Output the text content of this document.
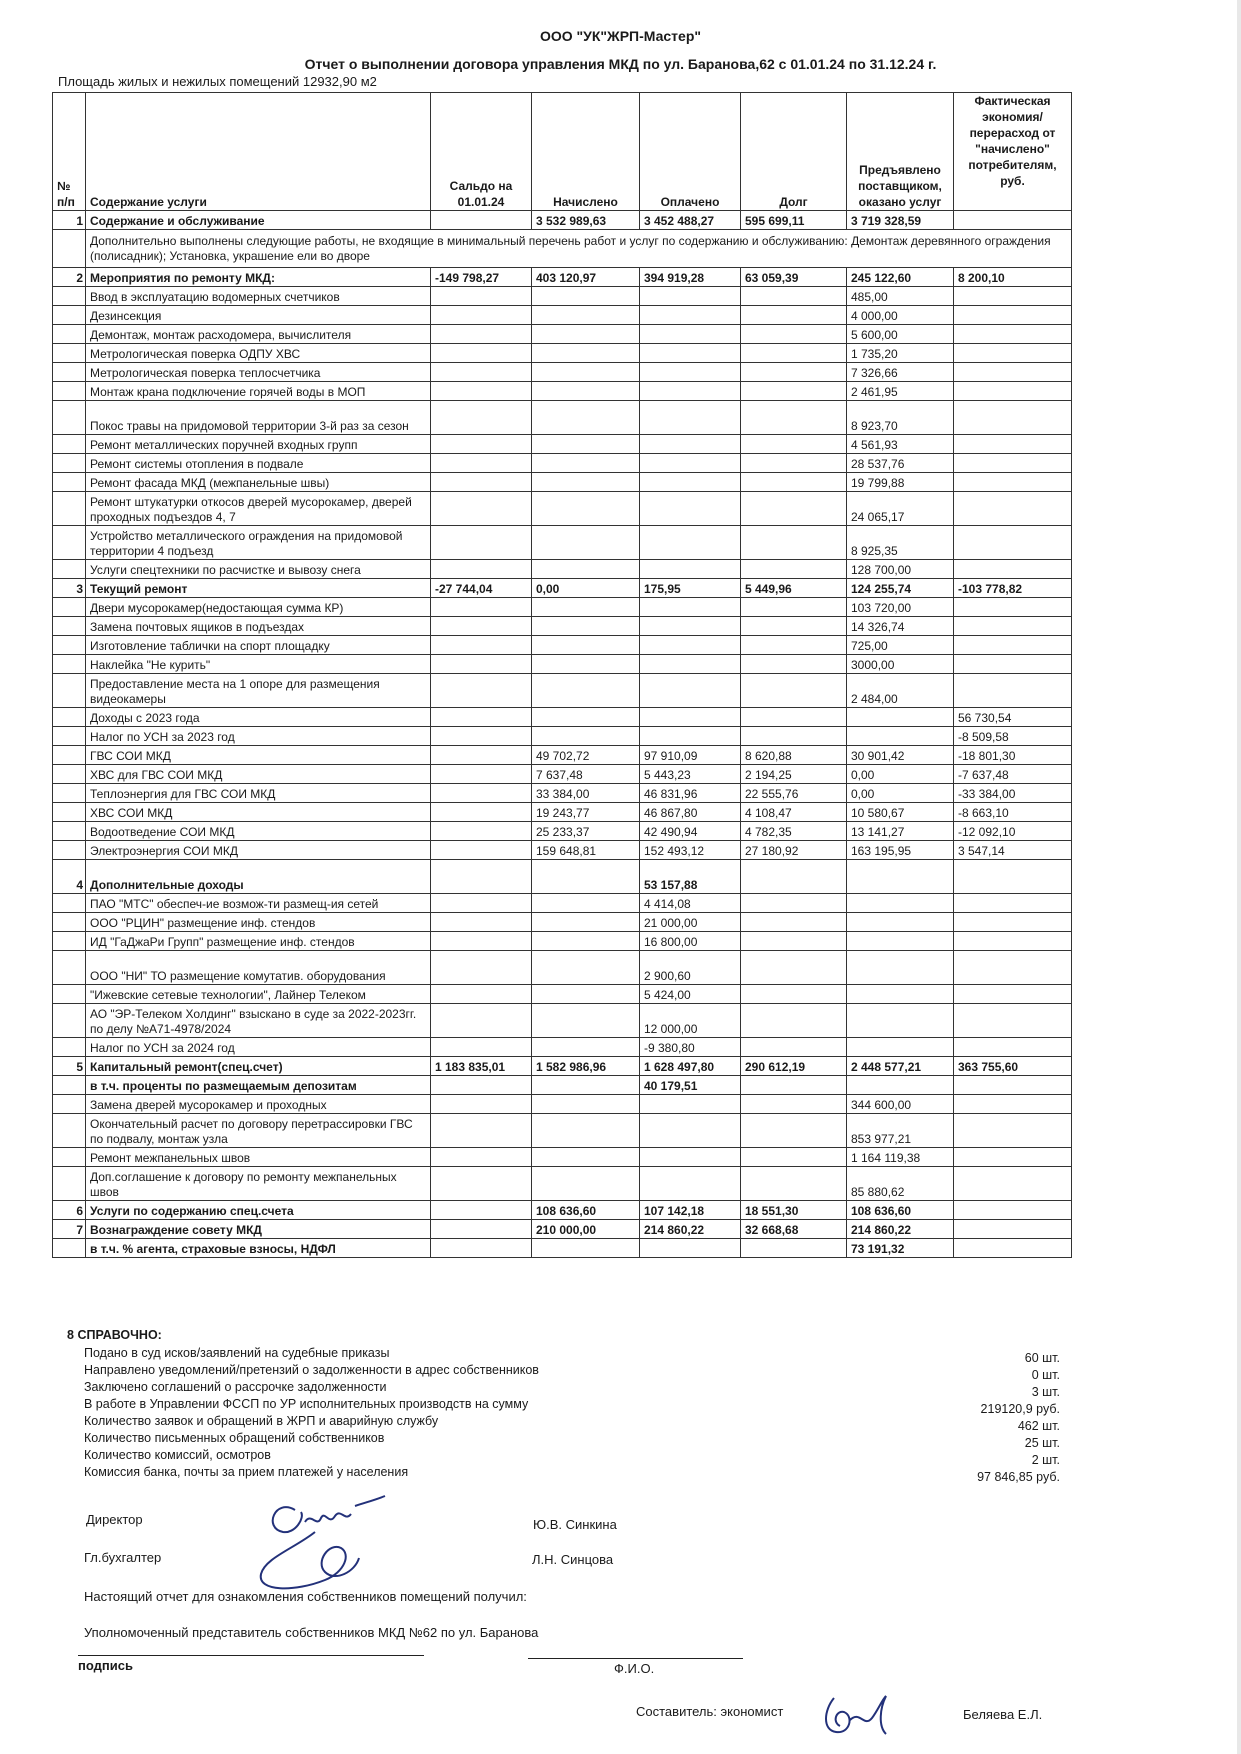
ООО "УК"ЖРП-Мастер"
Отчет о выполнении договора управления МКД по ул. Баранова,62 с 01.01.24 по 31.12.24 г.
Площадь жилых и нежилых помещений 12932,90 м2
№ п/п	Содержание услуги	Сальдо на 01.01.24	Начислено	Оплачено	Долг	Предъявлено поставщиком, оказано услуг	Фактическая экономия/перерасход от "начислено" потребителям, руб.
1	Содержание и обслуживание		3 532 989,63	3 452 488,27	595 699,11	3 719 328,59	
	Дополнительно выполнены следующие работы, не входящие в минимальный перечень работ и услуг по содержанию и обслуживанию: Демонтаж деревянного ограждения (полисадник); Установка, украшение ели во дворе						
2	Мероприятия по ремонту МКД:	-149 798,27	403 120,97	394 919,28	63 059,39	245 122,60	8 200,10
	Ввод в эксплуатацию водомерных счетчиков					485,00	
	Дезинсекция					4 000,00	
	Демонтаж, монтаж расходомера, вычислителя					5 600,00	
	Метрологическая поверка ОДПУ ХВС					1 735,20	
	Метрологическая поверка теплосчетчика					7 326,66	
	Монтаж крана подключение горячей воды в МОП					2 461,95	
	Покос травы на придомовой территории 3-й раз за сезон					8 923,70	
	Ремонт металлических поручней входных групп					4 561,93	
	Ремонт системы отопления в подвале					28 537,76	
	Ремонт фасада МКД (межпанельные швы)					19 799,88	
	Ремонт штукатурки откосов дверей мусорокамер, дверей проходных подъездов 4, 7					24 065,17	
	Устройство металлического ограждения на придомовой территории 4 подъезд					8 925,35	
	Услуги спецтехники по расчистке и вывозу снега					128 700,00	
3	Текущий ремонт	-27 744,04	0,00	175,95	5 449,96	124 255,74	-103 778,82
	Двери мусорокамер(недостающая сумма КР)					103 720,00	
	Замена почтовых ящиков в подъездах					14 326,74	
	Изготовление таблички на спорт площадку					725,00	
	Наклейка "Не курить"					3000,00	
	Предоставление места на 1 опоре для размещения видеокамеры					2 484,00	
	Доходы с 2023 года						56 730,54
	Налог по УСН за 2023 год						-8 509,58
	ГВС СОИ МКД		49 702,72	97 910,09	8 620,88	30 901,42	-18 801,30
	ХВС для ГВС СОИ МКД		7 637,48	5 443,23	2 194,25	0,00	-7 637,48
	Теплоэнергия для ГВС СОИ МКД		33 384,00	46 831,96	22 555,76	0,00	-33 384,00
	ХВС СОИ МКД		19 243,77	46 867,80	4 108,47	10 580,67	-8 663,10
	Водоотведение СОИ МКД		25 233,37	42 490,94	4 782,35	13 141,27	-12 092,10
	Электроэнергия СОИ МКД		159 648,81	152 493,12	27 180,92	163 195,95	3 547,14
4	Дополнительные доходы			53 157,88			
	ПАО "МТС" обеспеч-ие возмож-ти размещ-ия сетей			4 414,08			
	ООО "РЦИН" размещение инф. стендов			21 000,00			
	ИД "ГаДжаРи Групп" размещение инф. стендов			16 800,00			
	ООО "НИ" ТО размещение комутатив. оборудования			2 900,60			
	"Ижевские сетевые технологии", Лайнер Телеком			5 424,00			
	АО "ЭР-Телеком Холдинг" взыскано в суде за 2022-2023гг. по делу №А71-4978/2024			12 000,00			
	Налог по УСН за 2024 год			-9 380,80			
5	Капитальный ремонт(спец.счет)	1 183 835,01	1 582 986,96	1 628 497,80	290 612,19	2 448 577,21	363 755,60
	в т.ч. проценты по размещаемым депозитам			40 179,51			
	Замена дверей мусорокамер и проходных					344 600,00	
	Окончательный расчет по договору перетрассировки ГВС по подвалу, монтаж узла					853 977,21	
	Ремонт межпанельных швов					1 164 119,38	
	Доп.соглашение к договору по ремонту межпанельных швов					85 880,62	
6	Услуги по содержанию спец.счета		108 636,60	107 142,18	18 551,30	108 636,60	
7	Вознаграждение совету МКД		210 000,00	214 860,22	32 668,68	214 860,22	
	в т.ч. % агента, страховые взносы, НДФЛ					73 191,32	
8 СПРАВОЧНО:
Подано в суд исков/заявлений на судебные приказы	60 шт.
Направлено уведомлений/претензий о задолженности в адрес собственников	0 шт.
Заключено соглашений о рассрочке задолженности	3 шт.
В работе в Управлении ФССП по УР исполнительных производств на сумму	219120,9 руб.
Количество заявок и обращений в ЖРП и аварийную службу	462 шт.
Количество письменных обращений собственников	25 шт.
Количество комиссий, осмотров	2 шт.
Комиссия банка, почты за прием платежей у населения	97 846,85 руб.
Директор	Ю.В. Синкина
Гл.бухгалтер	Л.Н. Синцова
Настоящий отчет для ознакомления собственников помещений получил:
Уполномоченный представитель собственников МКД №62 по ул. Баранова
подпись	Ф.И.О.
Составитель: экономист	Беляева Е.Л.
